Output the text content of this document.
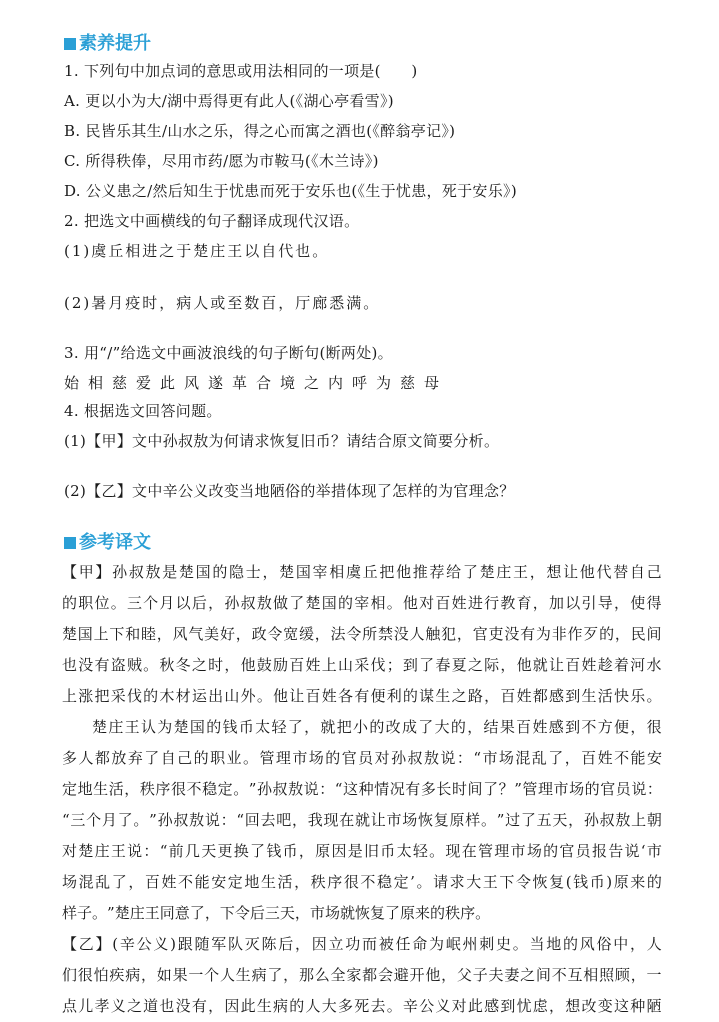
素养提升
1. 下列句中加点词的意思或用法相同的一项是(　　)
A. 更以小为大/湖中焉得更有此人(《湖心亭看雪》)
B. 民皆乐其生/山水之乐，得之心而寓之酒也(《醉翁亭记》)
C. 所得秩俸，尽用市药/愿为市鞍马(《木兰诗》)
D. 公义患之/然后知生于忧患而死于安乐也(《生于忧患，死于安乐》)
2. 把选文中画横线的句子翻译成现代汉语。
(1)虞丘相进之于楚庄王以自代也。
(2)暑月疫时，病人或至数百，厅廊悉满。
3. 用“/”给选文中画波浪线的句子断句(断两处)。
始相慈爱此风遂革合境之内呼为慈母
4. 根据选文回答问题。
(1)【甲】文中孙叔敖为何请求恢复旧币？请结合原文简要分析。
(2)【乙】文中辛公义改变当地陋俗的举措体现了怎样的为官理念？
参考译文
【 甲 】 孙 叔 敖 是 楚 国 的 隐 士 ， 楚 国 宰 相 虞 丘 把 他 推 荐 给 了 楚 庄 王 ， 想 让 他 代 替 自 己
的 职 位 。 三 个 月 以 后 ， 孙 叔 敖 做 了 楚 国 的 宰 相 。 他 对 百 姓 进 行 教 育 ， 加 以 引 导 ， 使 得
楚 国 上 下 和 睦 ， 风 气 美 好 ， 政 令 宽 缓 ， 法 令 所 禁 没 人 触 犯 ， 官 吏 没 有 为 非 作 歹 的 ， 民 间
也 没 有 盗 贼 。 秋 冬 之 时 ， 他 鼓 励 百 姓 上 山 采 伐 ； 到 了 春 夏 之 际 ， 他 就 让 百 姓 趁 着 河 水
上 涨 把 采 伐 的 木 材 运 出 山 外 。 他 让 百 姓 各 有 便 利 的 谋 生 之 路 ， 百 姓 都 感 到 生 活 快 乐 。
楚 庄 王 认 为 楚 国 的 钱 币 太 轻 了 ， 就 把 小 的 改 成 了 大 的 ， 结 果 百 姓 感 到 不 方 便 ， 很
多 人 都 放 弃 了 自 己 的 职 业 。 管 理 市 场 的 官 员 对 孙 叔 敖 说 ： “ 市 场 混 乱 了 ， 百 姓 不 能 安
定 地 生 活 ， 秩 序 很 不 稳 定 。 ” 孙 叔 敖 说 ： “ 这 种 情 况 有 多 长 时 间 了 ？ ” 管 理 市 场 的 官 员 说 ：
“ 三 个 月 了 。 ” 孙 叔 敖 说 ： “ 回 去 吧 ， 我 现 在 就 让 市 场 恢 复 原 样 。 ” 过 了 五 天 ， 孙 叔 敖 上 朝
对 楚 庄 王 说 ： “ 前 几 天 更 换 了 钱 币 ， 原 因 是 旧 币 太 轻 。 现 在 管 理 市 场 的 官 员 报 告 说 ‘ 市
场 混 乱 了 ， 百 姓 不 能 安 定 地 生 活 ， 秩 序 很 不 稳 定 ’ 。 请 求 大 王 下 令 恢 复 ( 钱 币 ) 原 来 的
样 子 。 ” 楚 庄 王 同 意 了 ， 下 令 后 三 天 ， 市 场 就 恢 复 了 原 来 的 秩 序 。
【 乙 】 ( 辛 公 义 ) 跟 随 军 队 灭 陈 后 ， 因 立 功 而 被 任 命 为 岷 州 刺 史 。 当 地 的 风 俗 中 ， 人
们 很 怕 疾 病 ， 如 果 一 个 人 生 病 了 ， 那 么 全 家 都 会 避 开 他 ， 父 子 夫 妻 之 间 不 互 相 照 顾 ， 一
点 儿 孝 义 之 道 也 没 有 ， 因 此 生 病 的 人 大 多 死 去 。 辛 公 义 对 此 感 到 忧 虑 ， 想 改 变 这 种 陋
